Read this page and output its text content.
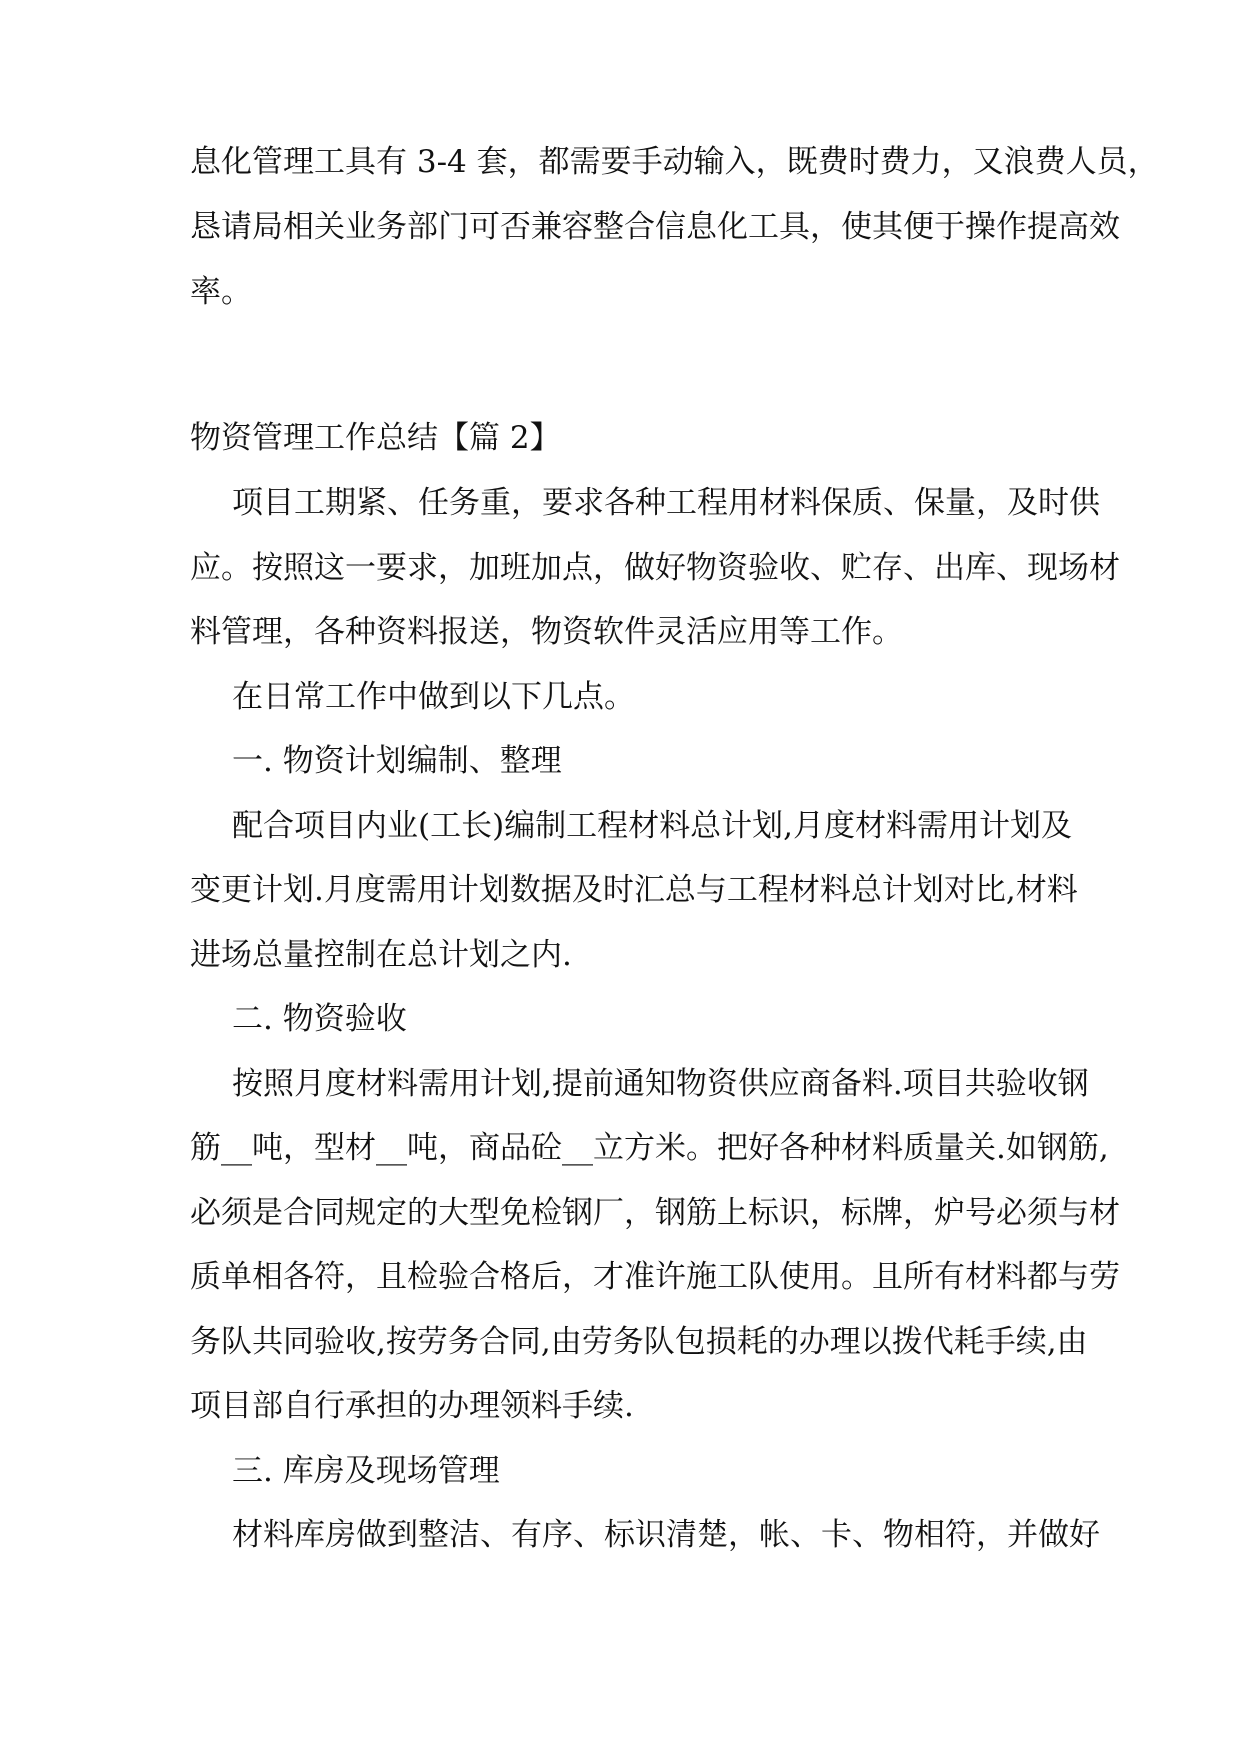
息化管理工具有 3-4 套，都需要手动输入，既费时费力，又浪费人员，

恳请局相关业务部门可否兼容整合信息化工具，使其便于操作提高效

率。

物资管理工作总结【篇 2】

项目工期紧、任务重，要求各种工程用材料保质、保量，及时供

应。按照这一要求，加班加点，做好物资验收、贮存、出库、现场材

料管理，各种资料报送，物资软件灵活应用等工作。

在日常工作中做到以下几点。

一. 物资计划编制、整理

配合项目内业(工长)编制工程材料总计划,月度材料需用计划及

变更计划.月度需用计划数据及时汇总与工程材料总计划对比,材料

进场总量控制在总计划之内.

二. 物资验收

按照月度材料需用计划,提前通知物资供应商备料.项目共验收钢

筋__吨，型材__吨，商品砼__立方米。把好各种材料质量关.如钢筋,

必须是合同规定的大型免检钢厂，钢筋上标识，标牌，炉号必须与材

质单相各符，且检验合格后，才准许施工队使用。且所有材料都与劳

务队共同验收,按劳务合同,由劳务队包损耗的办理以拨代耗手续,由

项目部自行承担的办理领料手续.

三. 库房及现场管理

材料库房做到整洁、有序、标识清楚，帐、卡、物相符，并做好
